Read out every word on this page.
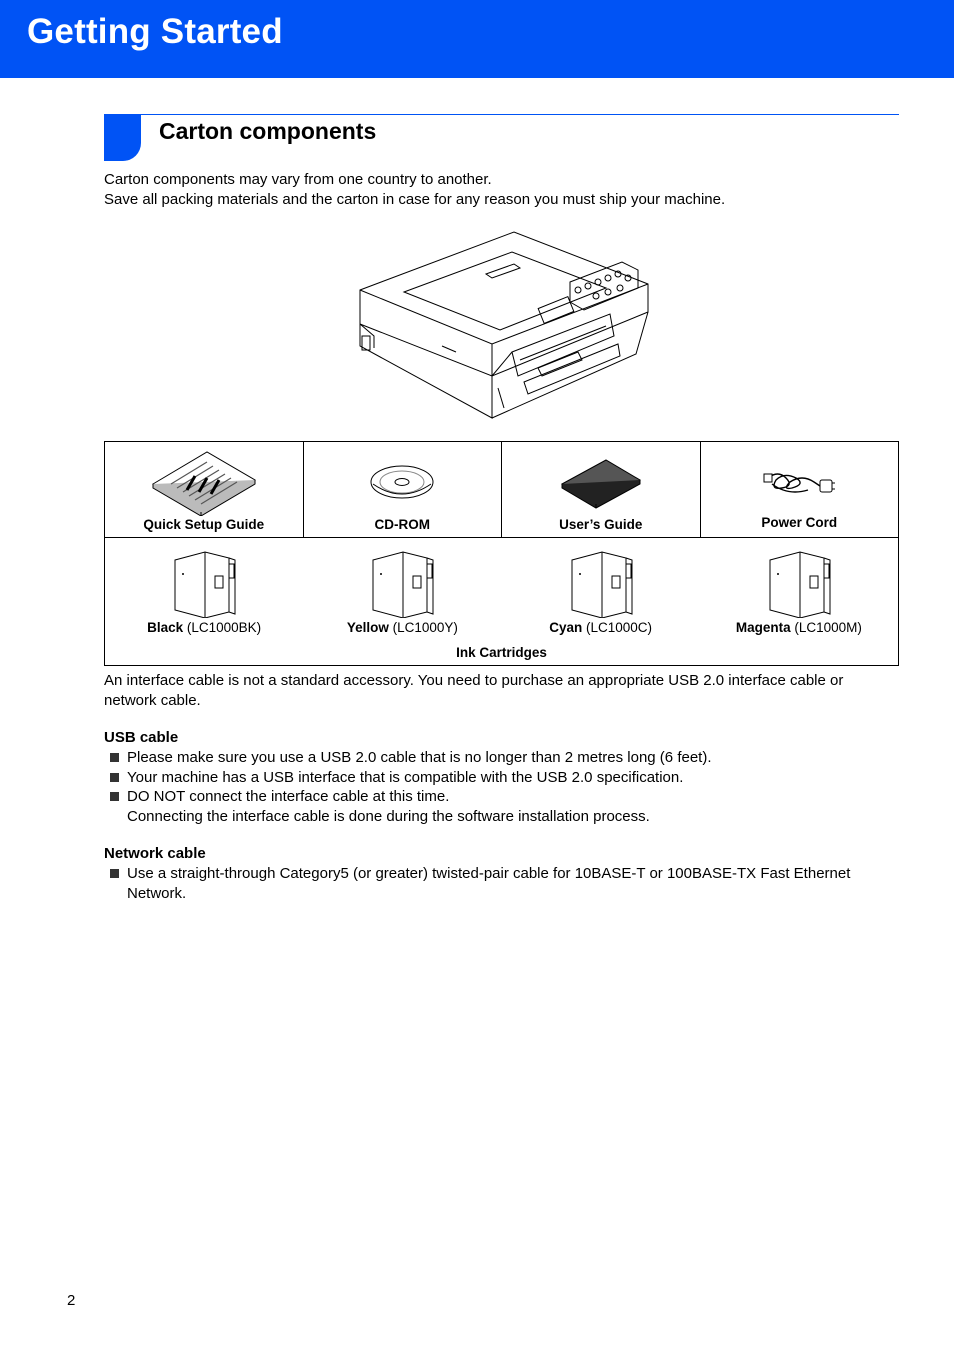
Getting Started
Carton components
Carton components may vary from one country to another.
Save all packing materials and the carton in case for any reason you must ship your machine.
Quick Setup Guide	CD-ROM	User’s Guide	Power Cord

Black (LC1000BK)	Yellow (LC1000Y)	Cyan (LC1000C)	Magenta (LC1000M)
Ink Cartridges
An interface cable is not a standard accessory. You need to purchase an appropriate USB 2.0 interface cable or network cable.
USB cable
Please make sure you use a USB 2.0 cable that is no longer than 2 metres long (6 feet).
Your machine has a USB interface that is compatible with the USB 2.0 specification.
DO NOT connect the interface cable at this time.
Connecting the interface cable is done during the software installation process.
Network cable
Use a straight-through Category5 (or greater) twisted-pair cable for 10BASE-T or 100BASE-TX Fast Ethernet Network.
2
